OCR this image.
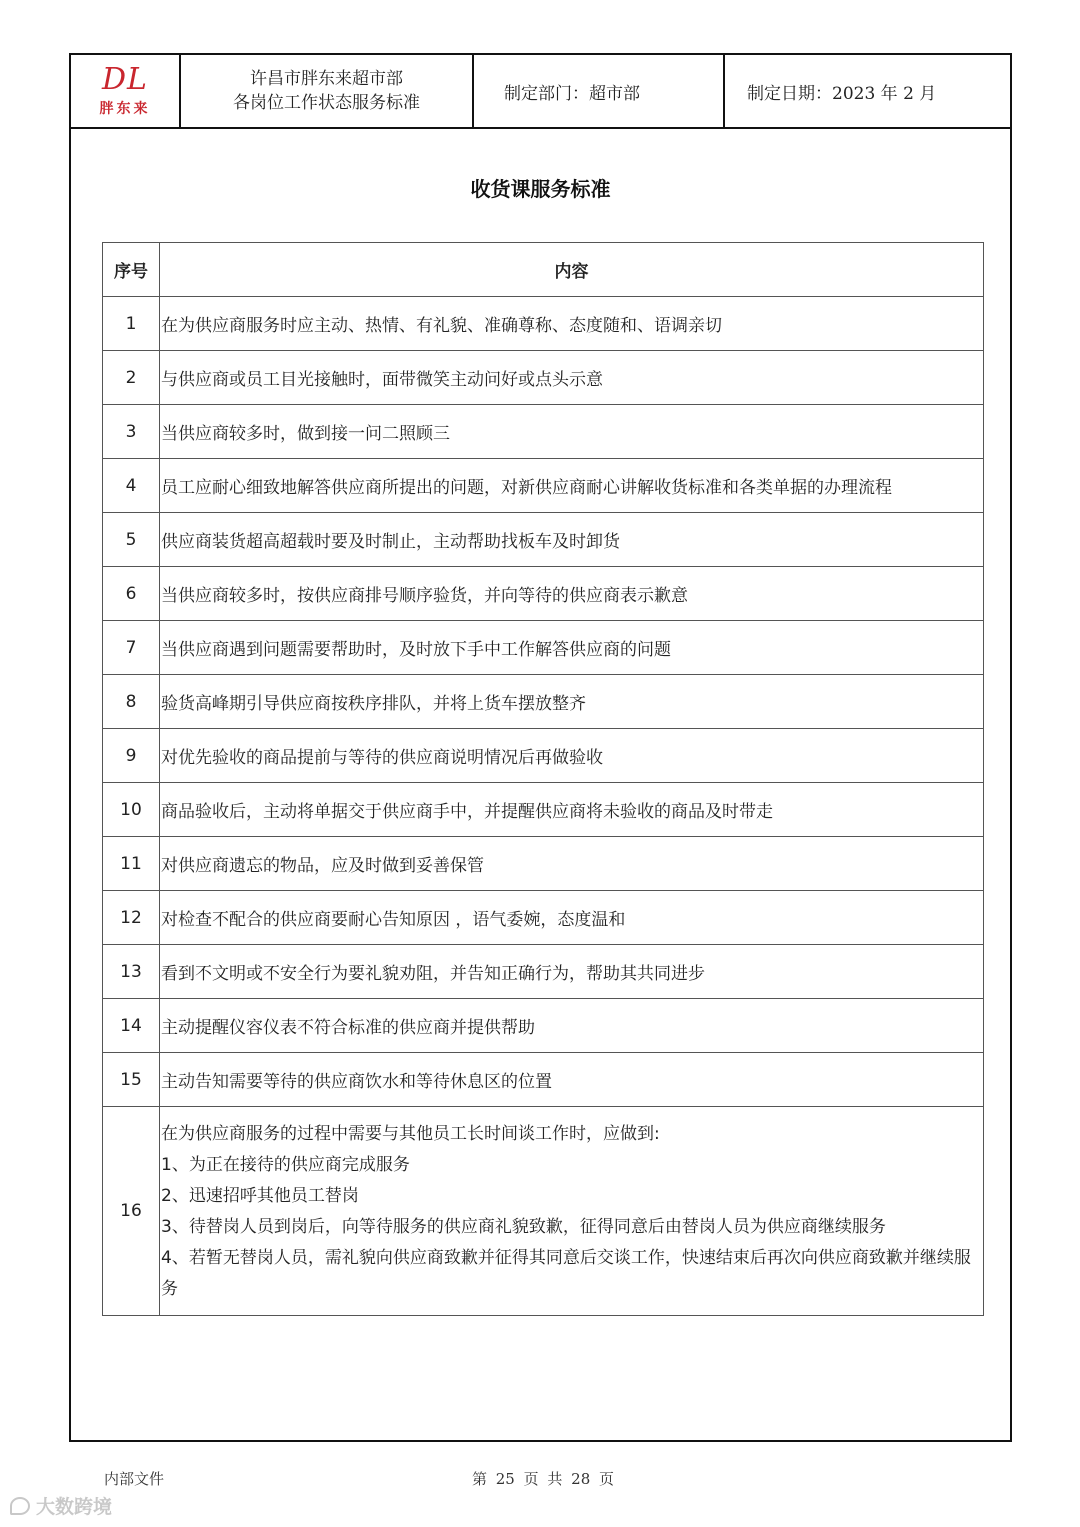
DL
胖东来
许昌市胖东来超市部
各岗位工作状态服务标准	制定部门：超市部	制定日期：2023 年 2 月
收货课服务标准
序号	内容
1	在为供应商服务时应主动、热情、有礼貌、准确尊称、态度随和、语调亲切
2	与供应商或员工目光接触时，面带微笑主动问好或点头示意
3	当供应商较多时，做到接一问二照顾三
4	员工应耐心细致地解答供应商所提出的问题，对新供应商耐心讲解收货标准和各类单据的办理流程
5	供应商装货超高超载时要及时制止，主动帮助找板车及时卸货
6	当供应商较多时，按供应商排号顺序验货，并向等待的供应商表示歉意
7	当供应商遇到问题需要帮助时，及时放下手中工作解答供应商的问题
8	验货高峰期引导供应商按秩序排队，并将上货车摆放整齐
9	对优先验收的商品提前与等待的供应商说明情况后再做验收
10	商品验收后，主动将单据交于供应商手中，并提醒供应商将未验收的商品及时带走
11	对供应商遗忘的物品，应及时做到妥善保管
12	对检查不配合的供应商要耐心告知原因 ，语气委婉，态度温和
13	看到不文明或不安全行为要礼貌劝阻，并告知正确行为，帮助其共同进步
14	主动提醒仪容仪表不符合标准的供应商并提供帮助
15	主动告知需要等待的供应商饮水和等待休息区的位置
16	在为供应商服务的过程中需要与其他员工长时间谈工作时，应做到:
1、为正在接待的供应商完成服务
2、迅速招呼其他员工替岗
3、待替岗人员到岗后，向等待服务的供应商礼貌致歉，征得同意后由替岗人员为供应商继续服务
4、若暂无替岗人员，需礼貌向供应商致歉并征得其同意后交谈工作，快速结束后再次向供应商致歉并继续服务
内部文件	第 25 页 共 28 页
大数跨境
